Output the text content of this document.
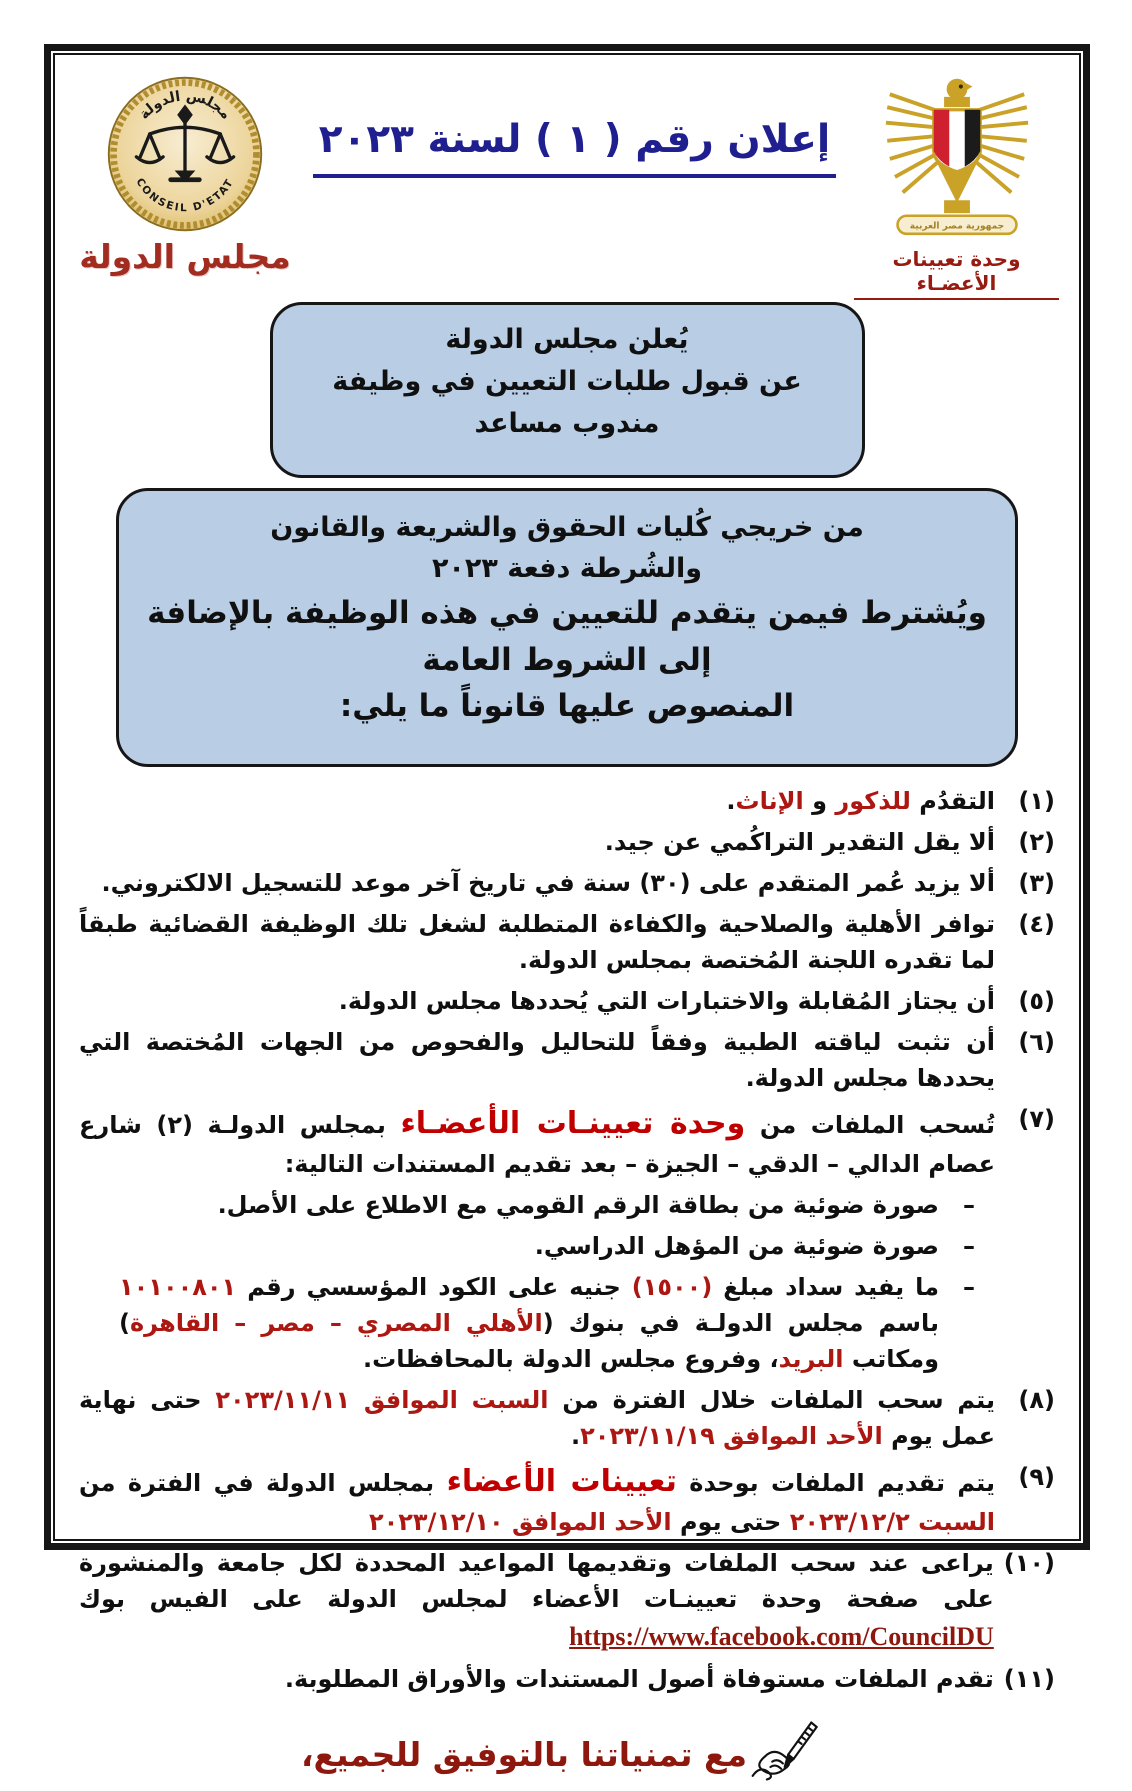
جمهورية مصر العربية
وحدة تعيينات الأعضـاء
إعلان رقم ( ١ ) لسنة ٢٠٢٣
مجلس الدولة
CONSEIL D'ETAT
مجلس الدولة
يُعلن مجلس الدولة
عن قبول طلبات التعيين في وظيفة
مندوب مساعد
من خريجي كُليات الحقوق والشريعة والقانون
والشُرطة دفعة ٢٠٢٣
ويُشترط فيمن يتقدم للتعيين في هذه الوظيفة بالإضافة إلى الشروط العامة
المنصوص عليها قانوناً ما يلي:
(١)
التقدُم للذكور و الإناث.
(٢)
ألا يقل التقدير التراكُمي عن جيد.
(٣)
ألا يزيد عُمر المتقدم على (٣٠) سنة في تاريخ آخر موعد للتسجيل الالكتروني.
(٤)
توافر الأهلية والصلاحية والكفاءة المتطلبة لشغل تلك الوظيفة القضائية طبقاً لما تقدره اللجنة المُختصة بمجلس الدولة.
(٥)
أن يجتاز المُقابلة والاختبارات التي يُحددها مجلس الدولة.
(٦)
أن تثبت لياقته الطبية وفقاً للتحاليل والفحوص من الجهات المُختصة التي يحددها مجلس الدولة.
(٧)
تُسحب الملفات من وحدة تعيينـات الأعضـاء بمجلس الدولـة (٢) شارع عصام الدالي – الدقي – الجيزة – بعد تقديم المستندات التالية:
–
صورة ضوئية من بطاقة الرقم القومي مع الاطلاع على الأصل.
–
صورة ضوئية من المؤهل الدراسي.
–
ما يفيد سداد مبلغ (١٥٠٠) جنيه على الكود المؤسسي رقم ١٠١٠٠٨٠١ باسم مجلس الدولـة في بنوك (الأهلي المصري – مصر – القاهرة) ومكاتب البريد، وفروع مجلس الدولة بالمحافظات.
(٨)
يتم سحب الملفات خلال الفترة من السبت الموافق ٢٠٢٣/١١/١١ حتى نهاية عمل يوم الأحد الموافق ٢٠٢٣/١١/١٩.
(٩)
يتم تقديم الملفات بوحدة تعيينات الأعضاء بمجلس الدولة في الفترة من السبت ٢٠٢٣/١٢/٢ حتى يوم الأحد الموافق ٢٠٢٣/١٢/١٠
(١٠)
يراعى عند سحب الملفات وتقديمها المواعيد المحددة لكل جامعة والمنشورة على صفحة وحدة تعيينـات الأعضاء لمجلس الدولة على الفيس بوك https://www.facebook.com/CouncilDU
(١١)
تقدم الملفات مستوفاة أصول المستندات والأوراق المطلوبة.
مع تمنياتنا بالتوفيق للجميع،
